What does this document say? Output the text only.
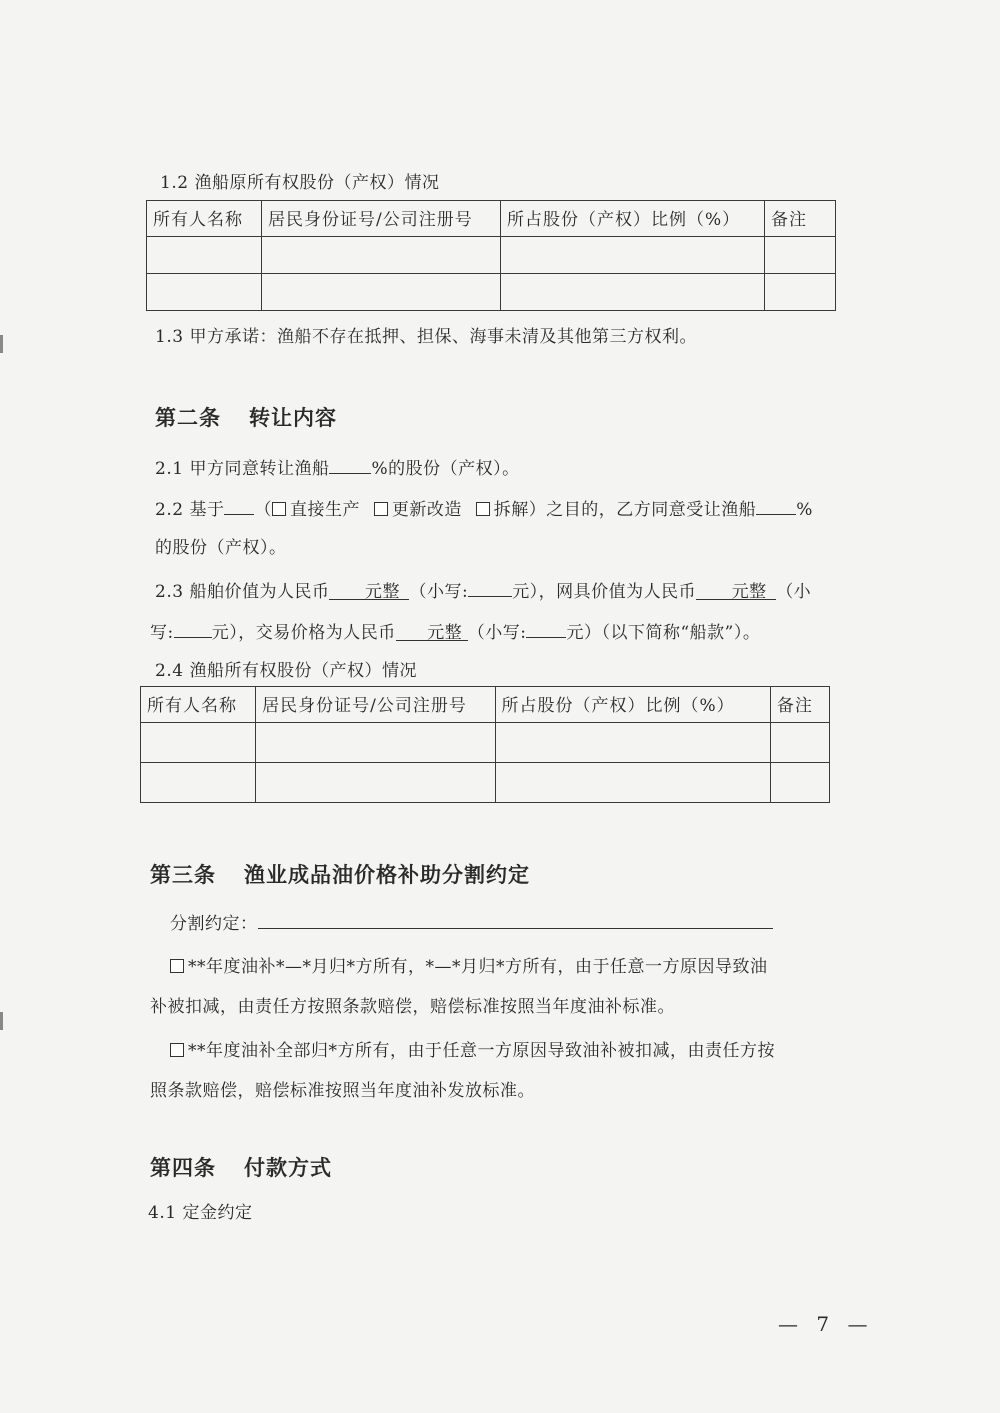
1.2 渔船原所有权股份（产权）情况
所有人名称	居民身份证号/公司注册号	所占股份（产权）比例（%）	备注

1.3 甲方承诺：渔船不存在抵押、担保、海事未清及其他第三方权利。
第二条 转让内容
2.1 甲方同意转让渔船 %的股份（产权）。
2.2 基于 （ 直接生产 更新改造 拆解）之目的，乙方同意受让渔船 %
的股份（产权）。
2.3 船舶价值为人民币 元整 （小写:	元），网具价值为人民币 元整 （小
写: 元），交易价格为人民币 元整 （小写: 元）（以下简称“船款”）。
2.4 渔船所有权股份（产权）情况
所有人名称	居民身份证号/公司注册号	所占股份（产权）比例（%）	备注

第三条 渔业成品油价格补助分割约定
分割约定：
**年度油补*—*月归*方所有，*—*月归*方所有，由于任意一方原因导致油
补被扣减，由责任方按照条款赔偿，赔偿标准按照当年度油补标准。
**年度油补全部归*方所有，由于任意一方原因导致油补被扣减，由责任方按
照条款赔偿，赔偿标准按照当年度油补发放标准。
第四条 付款方式
4.1 定金约定
— 7 —
